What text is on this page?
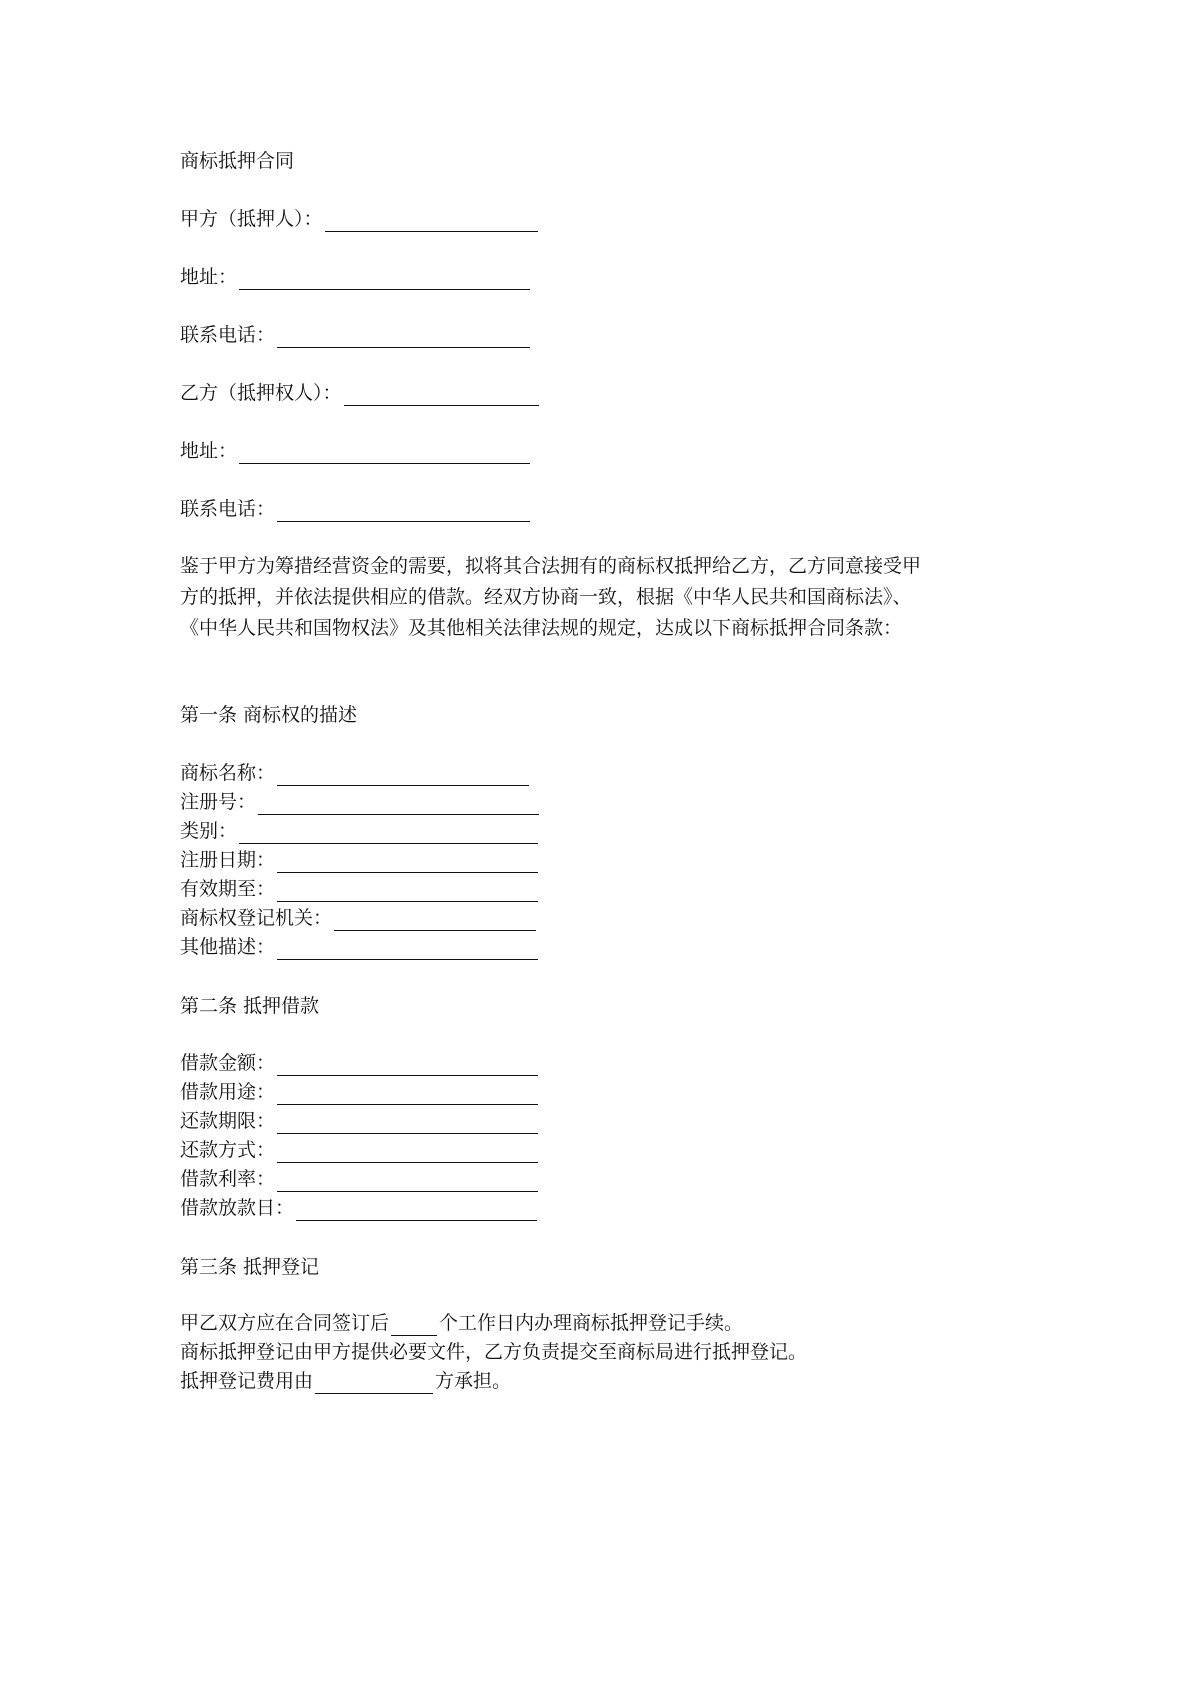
商标抵押合同
甲方（抵押人）：
地址：
联系电话：
乙方（抵押权人）：
地址：
联系电话：
鉴于甲方为筹措经营资金的需要，拟将其合法拥有的商标权抵押给乙方，乙方同意接受甲
方的抵押，并依法提供相应的借款。经双方协商一致，根据《中华人民共和国商标法》、
《中华人民共和国物权法》及其他相关法律法规的规定，达成以下商标抵押合同条款：
第一条 商标权的描述
商标名称：
注册号：
类别：
注册日期：
有效期至：
商标权登记机关：
其他描述：
第二条 抵押借款
借款金额：
借款用途：
还款期限：
还款方式：
借款利率：
借款放款日：
第三条 抵押登记
甲乙双方应在合同签订后	个工作日内办理商标抵押登记手续。
商标抵押登记由甲方提供必要文件，乙方负责提交至商标局进行抵押登记。
抵押登记费用由	方承担。
